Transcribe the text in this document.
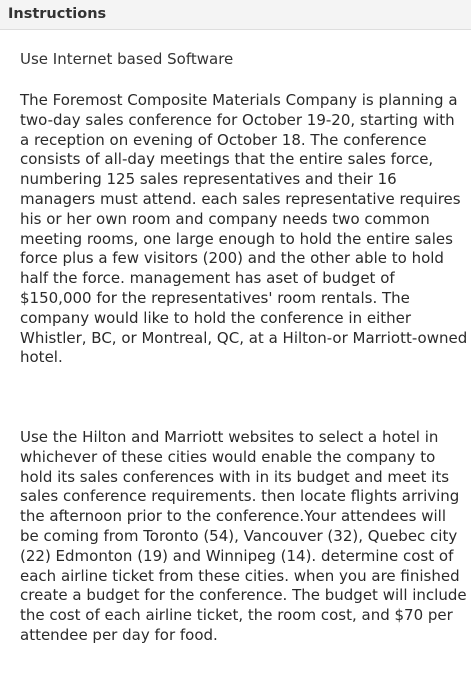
Instructions
Use Internet based Software

The Foremost Composite Materials Company is planning a two-day sales conference for October 19-20, starting with a reception on evening of October 18. The conference consists of all-day meetings that the entire sales force, numbering 125 sales representatives and their 16 managers must attend. each sales representative requires his or her own room and company needs two common meeting rooms, one large enough to hold the entire sales force plus a few visitors (200) and the other able to hold half the force. management has aset of budget of $150,000 for the representatives' room rentals. The company would like to hold the conference in either Whistler, BC, or Montreal, QC, at a Hilton-or Marriott-owned hotel.

Use the Hilton and Marriott websites to select a hotel in whichever of these cities would enable the company to hold its sales conferences with in its budget and meet its sales conference requirements. then locate flights arriving the afternoon prior to the conference.Your attendees will be coming from Toronto (54), Vancouver (32), Quebec city (22) Edmonton (19) and Winnipeg (14). determine cost of each airline ticket from these cities. when you are finished create a budget for the conference. The budget will include the cost of each airline ticket, the room cost, and $70 per attendee per day for food.
